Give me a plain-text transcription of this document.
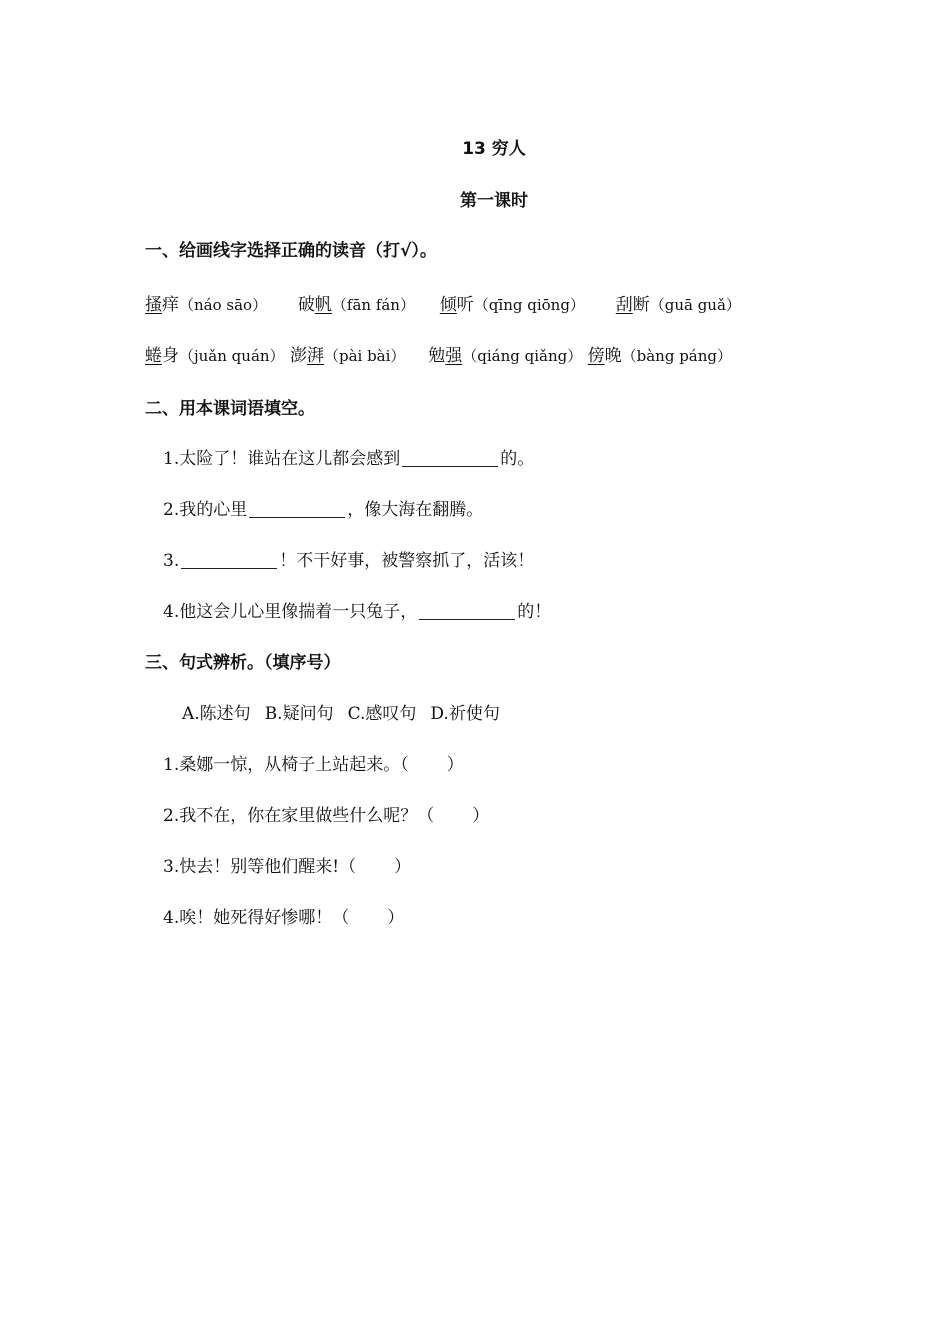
13 穷人
第一课时
一、给画线字选择正确的读音（打√）。
搔痒（náo sāo） 破帆（fān fán） 倾听（qīng qiōng） 刮断（guā guǎ）
蜷身（juǎn quán） 澎湃（pài bài） 勉强（qiáng qiǎng） 傍晚（bàng páng）
二、用本课词语填空。
1.太险了！谁站在这儿都会感到	的。
2.我的心里	，像大海在翻腾。
3.	！不干好事，被警察抓了，活该！
4.他这会儿心里像揣着一只兔子，	的！
三、句式辨析。（填序号）
A.陈述句 B.疑问句 C.感叹句 D.祈使句
1.桑娜一惊，从椅子上站起来。（ ）
2.我不在，你在家里做些什么呢？（ ）
3.快去！别等他们醒来!（ ）
4.唉！她死得好惨哪！（ ）
